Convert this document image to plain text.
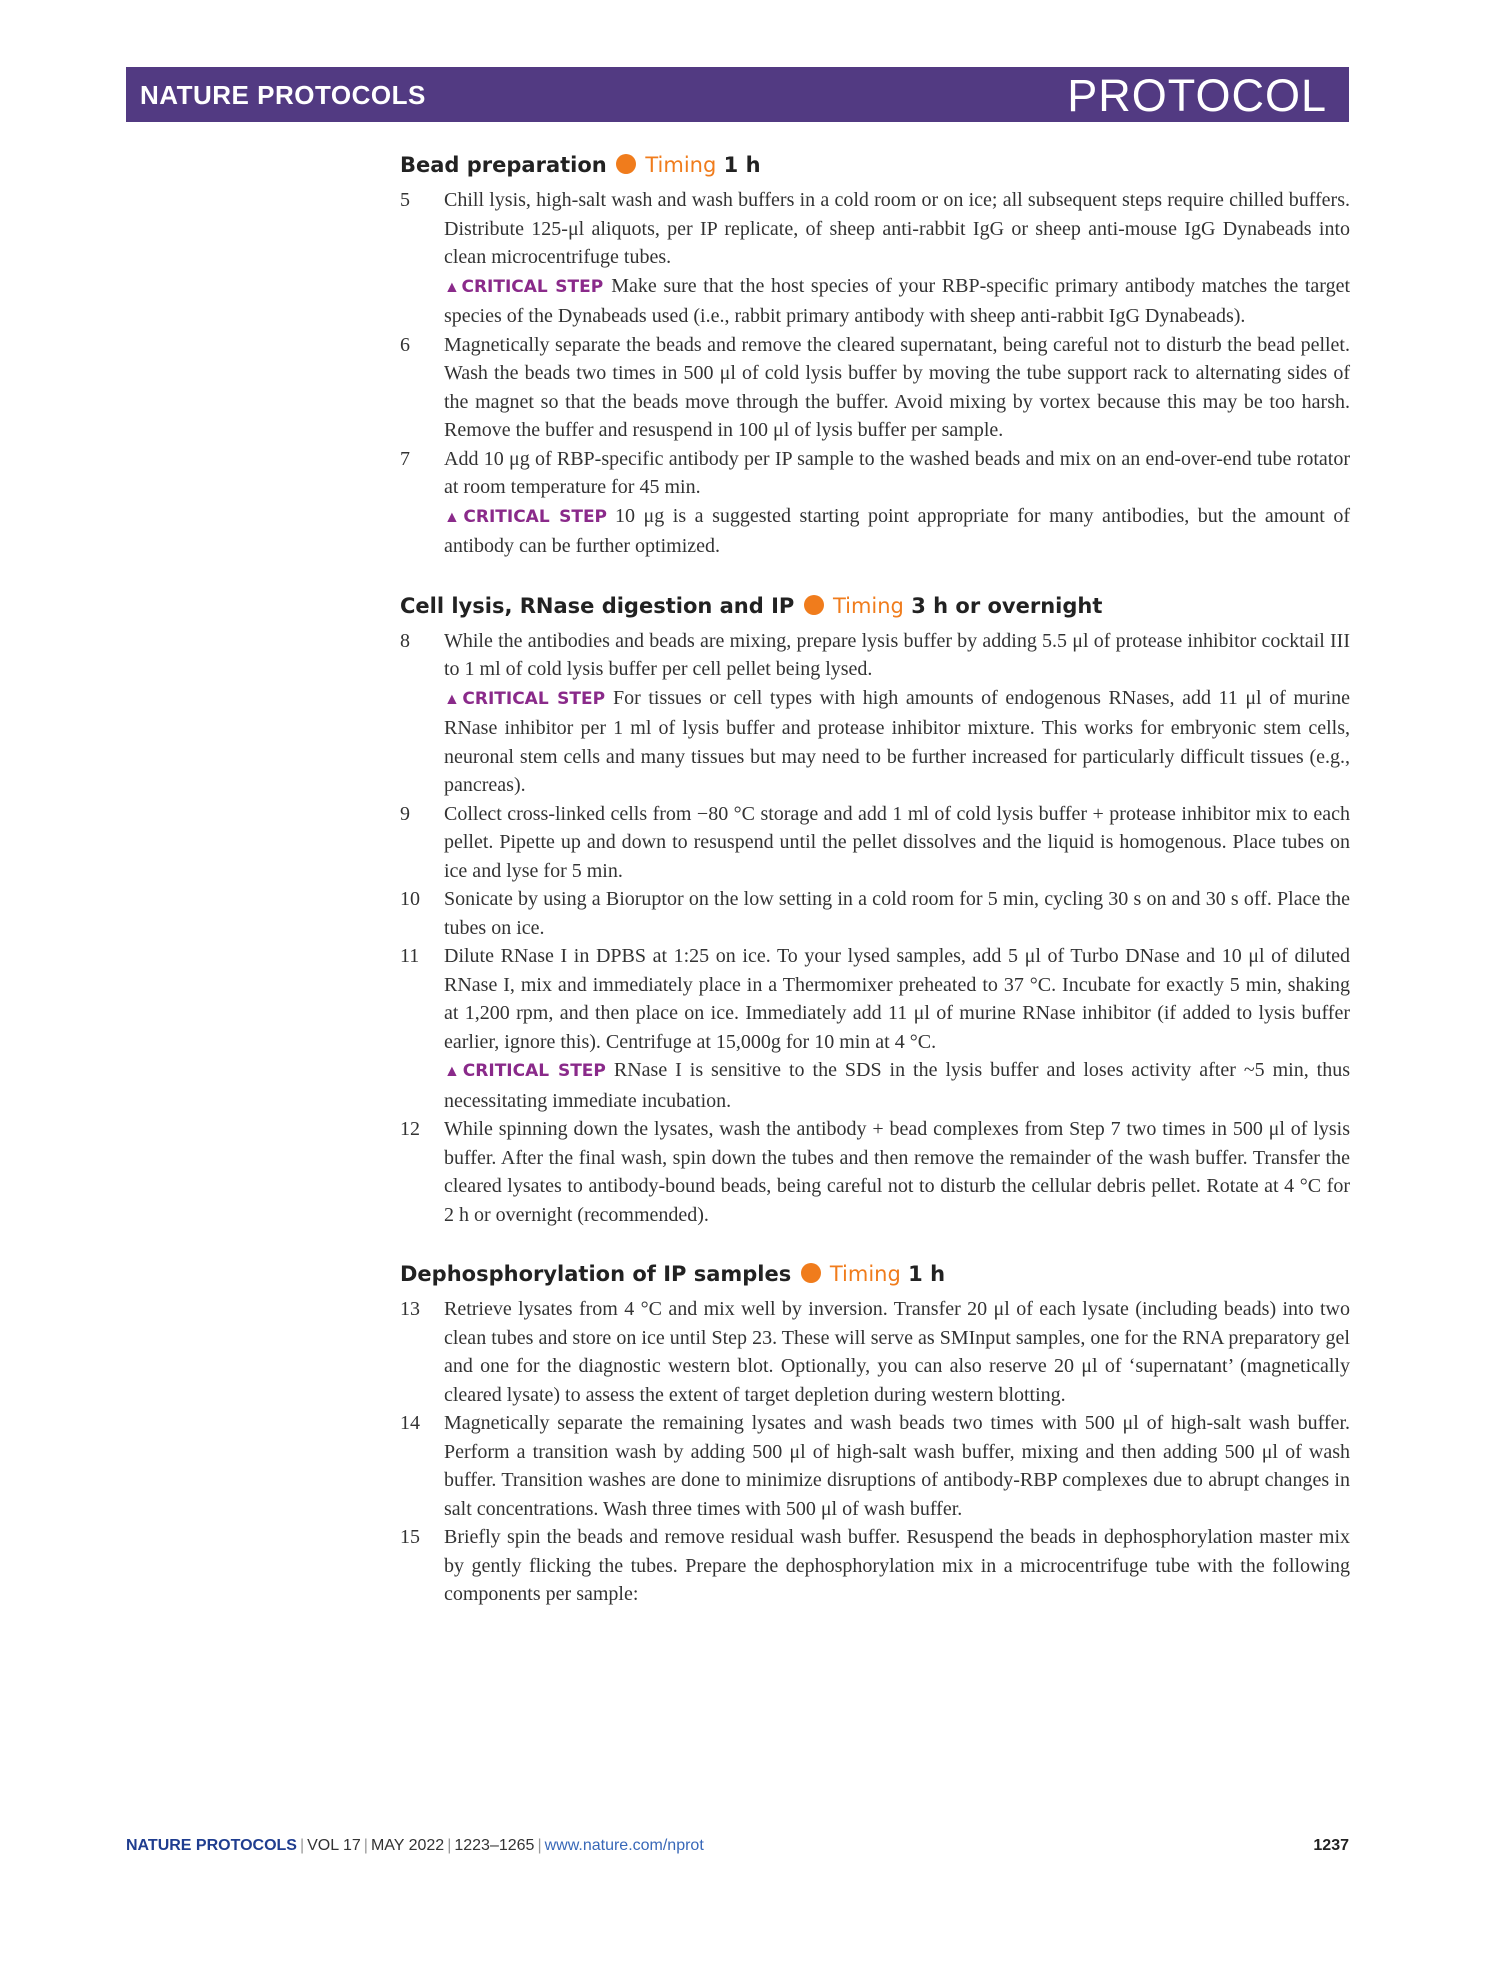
NATURE PROTOCOLS	PROTOCOL
Bead preparation Timing 1 h
5 Chill lysis, high-salt wash and wash buffers in a cold room or on ice; all subsequent steps require chilled buffers. Distribute 125-μl aliquots, per IP replicate, of sheep anti-rabbit IgG or sheep anti-mouse IgG Dynabeads into clean microcentrifuge tubes.

▲CRITICAL STEP Make sure that the host species of your RBP-specific primary antibody matches the target species of the Dynabeads used (i.e., rabbit primary antibody with sheep anti-rabbit IgG Dynabeads).

6 Magnetically separate the beads and remove the cleared supernatant, being careful not to disturb the bead pellet. Wash the beads two times in 500 μl of cold lysis buffer by moving the tube support rack to alternating sides of the magnet so that the beads move through the buffer. Avoid mixing by vortex because this may be too harsh. Remove the buffer and resuspend in 100 μl of lysis buffer per sample.

7 Add 10 μg of RBP-specific antibody per IP sample to the washed beads and mix on an end-over-end tube rotator at room temperature for 45 min.

▲CRITICAL STEP 10 μg is a suggested starting point appropriate for many antibodies, but the amount of antibody can be further optimized.

Cell lysis, RNase digestion and IP Timing 3 h or overnight
8 While the antibodies and beads are mixing, prepare lysis buffer by adding 5.5 μl of protease inhibitor cocktail III to 1 ml of cold lysis buffer per cell pellet being lysed.

▲CRITICAL STEP For tissues or cell types with high amounts of endogenous RNases, add 11 μl of murine RNase inhibitor per 1 ml of lysis buffer and protease inhibitor mixture. This works for embryonic stem cells, neuronal stem cells and many tissues but may need to be further increased for particularly difficult tissues (e.g., pancreas).

9 Collect cross-linked cells from −80 °C storage and add 1 ml of cold lysis buffer + protease inhibitor mix to each pellet. Pipette up and down to resuspend until the pellet dissolves and the liquid is homogenous. Place tubes on ice and lyse for 5 min.

10 Sonicate by using a Bioruptor on the low setting in a cold room for 5 min, cycling 30 s on and 30 s off. Place the tubes on ice.

11 Dilute RNase I in DPBS at 1:25 on ice. To your lysed samples, add 5 μl of Turbo DNase and 10 μl of diluted RNase I, mix and immediately place in a Thermomixer preheated to 37 °C. Incubate for exactly 5 min, shaking at 1,200 rpm, and then place on ice. Immediately add 11 μl of murine RNase inhibitor (if added to lysis buffer earlier, ignore this). Centrifuge at 15,000g for 10 min at 4 °C.

▲CRITICAL STEP RNase I is sensitive to the SDS in the lysis buffer and loses activity after ~5 min, thus necessitating immediate incubation.

12 While spinning down the lysates, wash the antibody + bead complexes from Step 7 two times in 500 μl of lysis buffer. After the final wash, spin down the tubes and then remove the remainder of the wash buffer. Transfer the cleared lysates to antibody-bound beads, being careful not to disturb the cellular debris pellet. Rotate at 4 °C for 2 h or overnight (recommended).

Dephosphorylation of IP samples Timing 1 h
13 Retrieve lysates from 4 °C and mix well by inversion. Transfer 20 μl of each lysate (including beads) into two clean tubes and store on ice until Step 23. These will serve as SMInput samples, one for the RNA preparatory gel and one for the diagnostic western blot. Optionally, you can also reserve 20 μl of ‘supernatant’ (magnetically cleared lysate) to assess the extent of target depletion during western blotting.

14 Magnetically separate the remaining lysates and wash beads two times with 500 μl of high-salt wash buffer. Perform a transition wash by adding 500 μl of high-salt wash buffer, mixing and then adding 500 μl of wash buffer. Transition washes are done to minimize disruptions of antibody-RBP complexes due to abrupt changes in salt concentrations. Wash three times with 500 μl of wash buffer.

15 Briefly spin the beads and remove residual wash buffer. Resuspend the beads in dephosphorylation master mix by gently flicking the tubes. Prepare the dephosphorylation mix in a microcentrifuge tube with the following components per sample:

NATURE PROTOCOLS | VOL 17 | MAY 2022 | 1223–1265 | www.nature.com/nprot	1237
